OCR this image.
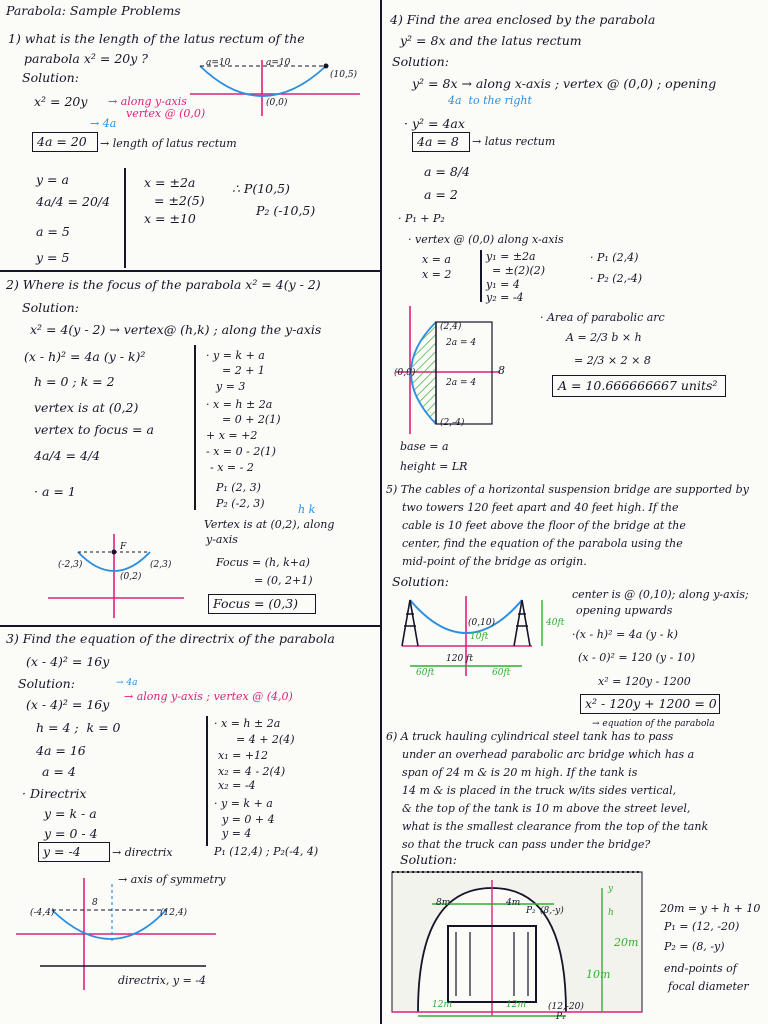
Parabola: Sample Problems
1) what is the length of the latus rectum of the
parabola x² = 20y ?
Solution:
x² = 20y → along y-axis
vertex @ (0,0)
→ 4a
4a = 20 → length of latus rectum
y = a
4a/4 = 20/4
a = 5
y = 5
x = ±2a
= ±2(5)
x = ±10
∴ P(10,5)
P₂ (-10,5)
a=10	a=10
(10,5)
(0,0)
2) Where is the focus of the parabola x² = 4(y - 2)
Solution:
x² = 4(y - 2) → vertex@ (h,k) ; along the y-axis
(x - h)² = 4a (y - k)²
h = 0 ; k = 2
vertex is at (0,2)
vertex to focus = a
4a/4 = 4/4
· a = 1
· y = k + a
= 2 + 1
y = 3
· x = h ± 2a
= 0 + 2(1)
+ x = +2
- x = 0 - 2(1)
- x = - 2
P₁ (2, 3)
P₂ (-2, 3)	h k
Vertex is at (0,2), along
y-axis
Focus = (h, k+a)
= (0, 2+1)
Focus = (0,3)
(-2,3)	(2,3)
(0,2)
F
3) Find the equation of the directrix of the parabola
(x - 4)² = 16y
Solution:
(x - 4)² = 16y
→ along y-axis ; vertex @ (4,0)
→ 4a
h = 4 ;  k = 0
4a = 16
a = 4
· Directrix
y = k - a
y = 0 - 4
y = -4	→ directrix
· x = h ± 2a
= 4 + 2(4)
x₁ = +12
x₂ = 4 - 2(4)
x₂ = -4
· y = k + a
y = 0 + 4
y = 4
P₁ (12,4) ; P₂(-4, 4)
→ axis of symmetry
(-4,4)	(12,4)
8
directrix, y = -4
4) Find the area enclosed by the parabola
y² = 8x and the latus rectum
Solution:
y² = 8x → along x-axis ; vertex @ (0,0) ; opening
4a  to the right
· y² = 4ax
4a = 8 → latus rectum
a = 8/4
a = 2
· P₁ + P₂
· vertex @ (0,0) along x-axis
x = a
x = 2
y₁ = ±2a
= ±(2)(2)
y₁ = 4
y₂ = -4
· P₁ (2,4)
· P₂ (2,-4)
· Area of parabolic arc
A = 2/3 b × h
= 2/3 × 2 × 8
A = 10.666666667 units²
base = a
height = LR
(2,4)
2a = 4
(0,0)
2a = 4
(2,-4)
8
5) The cables of a horizontal suspension bridge are supported by
two towers 120 feet apart and 40 feet high. If the
cable is 10 feet above the floor of the bridge at the
center, find the equation of the parabola using the
mid-point of the bridge as origin.
Solution:
center is @ (0,10); along y-axis;
opening upwards
·(x - h)² = 4a (y - k)
(x - 0)² = 120 (y - 10)
x² = 120y - 1200
x² - 120y + 1200 = 0
→ equation of the parabola
40ft
10ft
120 ft
60ft	60ft
(0,10)
6) A truck hauling cylindrical steel tank has to pass
under an overhead parabolic arc bridge which has a
span of 24 m & is 20 m high. If the tank is
14 m & is placed in the truck w/its sides vertical,
& the top of the tank is 10 m above the street level,
what is the smallest clearance from the top of the tank
so that the truck can pass under the bridge?
Solution:
20m = y + h + 10
P₁ = (12, -20)
P₂ = (8, -y)
end-points of
focal diameter
8m	4m
y
h
20m
10m
12m	12m (12,-20)
P₁
P₂ (8,-y)
